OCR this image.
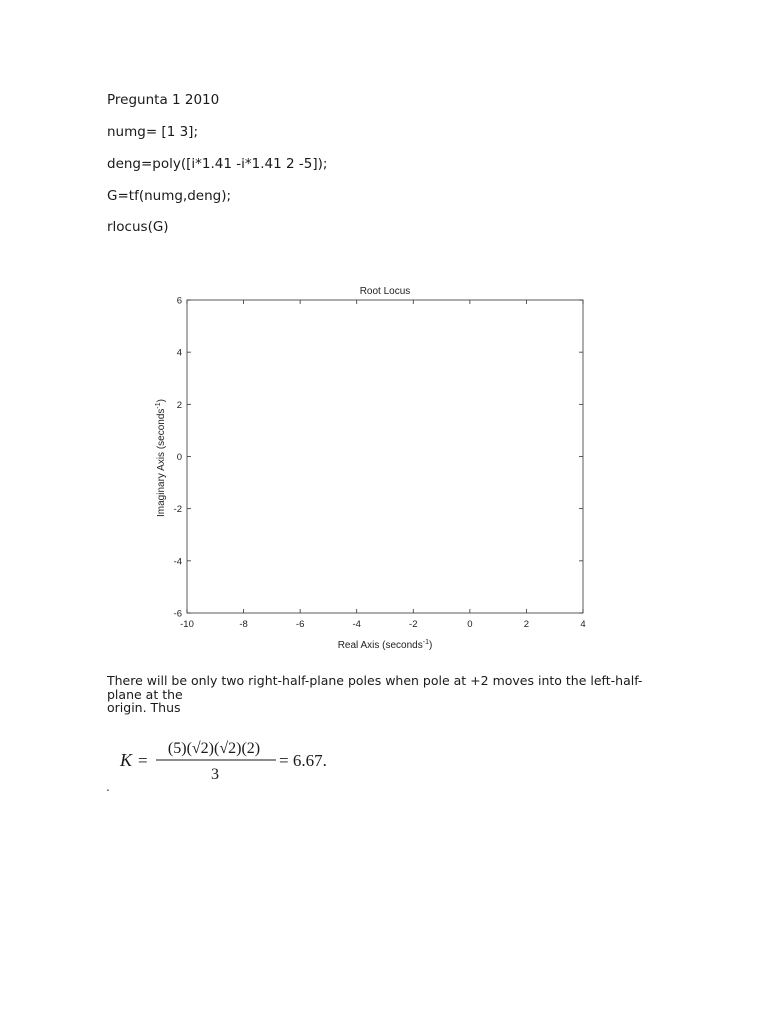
Pregunta 1 2010
numg= [1 3];
deng=poly([i*1.41 -i*1.41 2 -5]);
G=tf(numg,deng);
rlocus(G)
Root Locus
-10	-8	-6	-4	-2	0	2	4
-6
-4
-2
0
2
4
6
Real Axis (seconds$^{-1}$)
Imaginary Axis (seconds$^{-1}$)
There will be only two right-half-plane poles when pole at +2 moves into the left-half-plane at the
origin. Thus
K =
(5)(√2)(√2)(2)
3
= 6.67.
.
